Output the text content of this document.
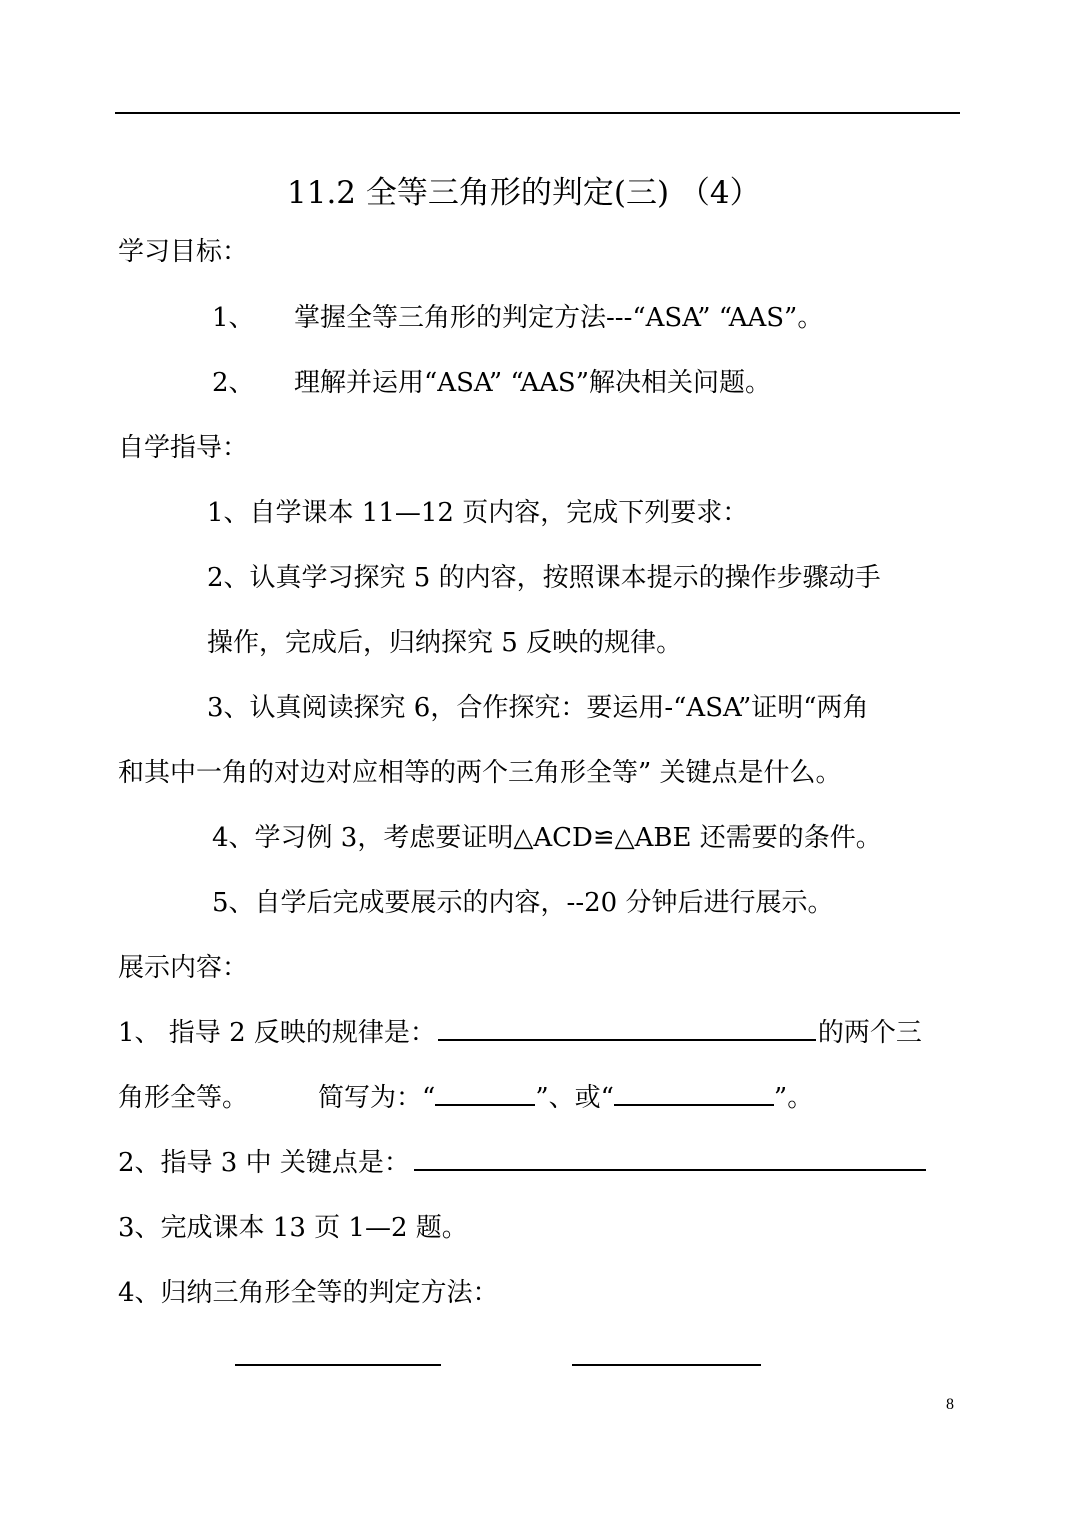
11.2 全等三角形的判定(三) （4）
学习目标：
1、 掌握全等三角形的判定方法---“ASA” “AAS”。
2、 理解并运用“ASA” “AAS”解决相关问题。
自学指导：
1、自学课本 11—12 页内容，完成下列要求：
2、认真学习探究 5 的内容，按照课本提示的操作步骤动手
操作，完成后，归纳探究 5 反映的规律。
3、认真阅读探究 6，合作探究：要运用-“ASA”证明“两角
和其中一角的对边对应相等的两个三角形全等” 关键点是什么。
4、学习例 3，考虑要证明△ACD≌△ABE 还需要的条件。
5、自学后完成要展示的内容，--20 分钟后进行展示。
展示内容：
1、 指导 2 反映的规律是：	的两个三
角形全等。	简写为：“	”、或“	”。
2、指导 3 中 关键点是：
3、完成课本 13 页 1—2 题。
4、归纳三角形全等的判定方法：
8
